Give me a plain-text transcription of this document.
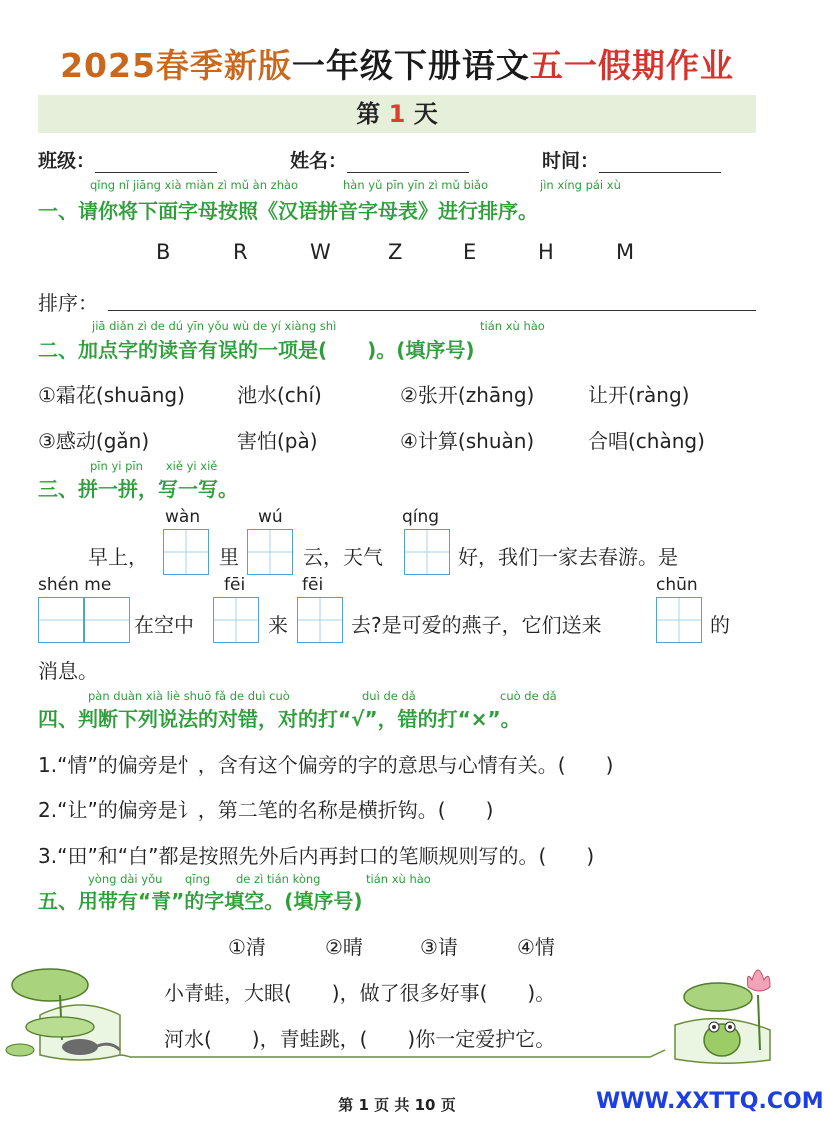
2025春季新版一年级下册语文五一假期作业
第 1 天
班级：	姓名：	时间：
qǐng nǐ jiāng xià miàn zì mǔ àn zhào	hàn yǔ pīn yīn zì mǔ biǎo	jìn xíng pái xù
一、请你将下面字母按照《汉语拼音字母表》进行排序。
B	R	W	Z	E	H	M
排序：
jiā diǎn zì de dú yīn yǒu wù de yí xiàng shì	tián xù hào
二、加点字的读音有误的一项是(　　)。(填序号)
①霜花(shuāng)	池水(chí)	②张开(zhāng)	让开(ràng)
③感动(gǎn)	害怕(pà)	④计算(shuàn)	合唱(chàng)
pīn yi pīn　　xiě yi xiě
三、拼一拼，写一写。
早上，
wàn
里
wú
云，天气
qíng
好，我们一家去春游。是
shén me
在空中
fēi
来
fēi
去?是可爱的燕子，它们送来
chūn
的
消息。
pàn duàn xià liè shuō fǎ de duì cuò	duì de dǎ	cuò de dǎ
四、判断下列说法的对错，对的打“√”，错的打“×”。
1.“情”的偏旁是忄，含有这个偏旁的字的意思与心情有关。(　　)
2.“让”的偏旁是讠，第二笔的名称是横折钩。(　　)
3.“田”和“白”都是按照先外后内再封口的笔顺规则写的。(　　)
yòng dài yǒu qīng de zì tián kòng	tián xù hào
五、用带有“青”的字填空。(填序号)
①清	②晴	③请	④情
小青蛙，大眼(　　)，做了很多好事(　　)。
河水(　　)，青蛙跳，(　　)你一定爱护它。
第 1 页 共 10 页	WWW.XXTTQ.COM
